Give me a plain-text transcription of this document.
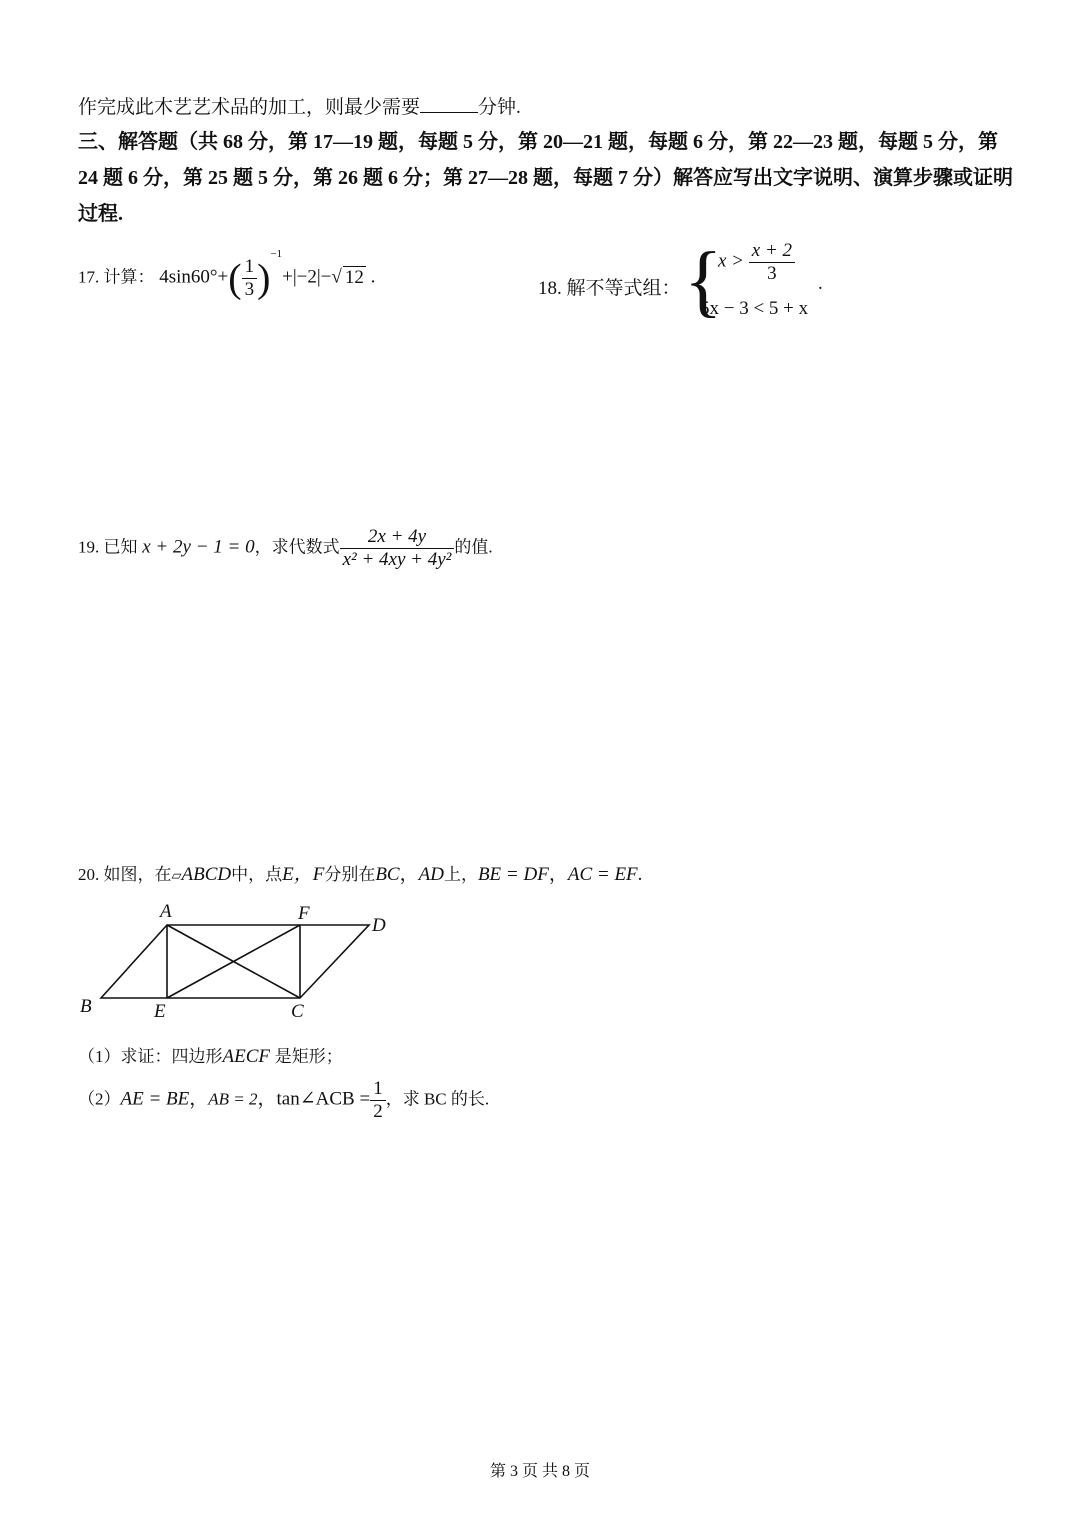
作完成此木艺艺术品的加工，则最少需要	分钟.
三、解答题（共 68 分，第 17—19 题，每题 5 分，第 20—21 题，每题 6 分，第 22—23 题，每题 5 分，第 24 题 6 分，第 25 题 5 分，第 26 题 6 分；第 27—28 题，每题 7 分）解答应写出文字说明、演算步骤或证明过程.
17. 计算： $4\sin 60^\circ+( \frac{1}{3} )^{-1}+|-2|-√$ 12 .
18. 解不等式组： {
$x > \frac{x + 2}{3}$
5x − 3 < 5 + x
.
19. 已知 x + 2y − 1 = 0，求代数式 $\frac{2x + 4y}{\text{x² + 4xy + 4y²}}$ 的值.
20. 如图，在▱ABCD中，点E，F分别在BC，AD上，BE = DF，AC = EF.
A
B	C
D
E
F
（1）求证：四边形AECF 是矩形；
（2）AE = BE，AB = 2，tan∠ACB = $\frac{1}{2}$ ，求 BC 的长.
第 3 页 共 8 页
